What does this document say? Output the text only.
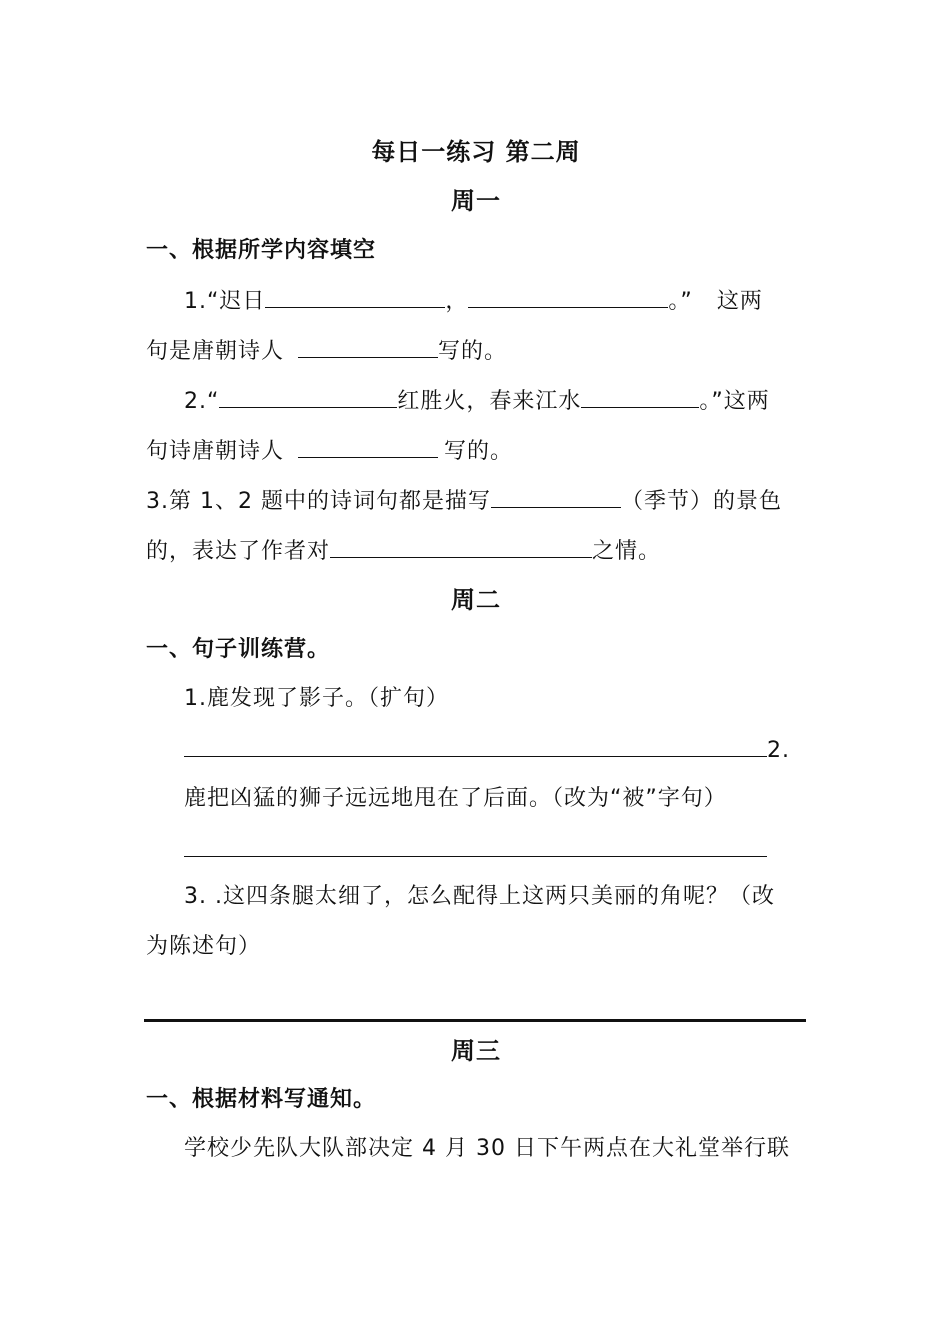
每日一练习 第二周
周一
一、根据所学内容填空
1.“迟日	，	。” 这两
句是唐朝诗人	写的。
2.“	红胜火，春来江水	。”这两
句诗唐朝诗人	写的。
3.第 1、2 题中的诗词句都是描写	（季节）的景色
的，表达了作者对	之情。
周二
一、句子训练营。
1.鹿发现了影子。（扩句）
2.
鹿把凶猛的狮子远远地甩在了后面。（改为“被”字句）
3. .这四条腿太细了，怎么配得上这两只美丽的角呢？（改
为陈述句）
周三
一、根据材料写通知。
学校少先队大队部决定 4 月 30 日下午两点在大礼堂举行联
